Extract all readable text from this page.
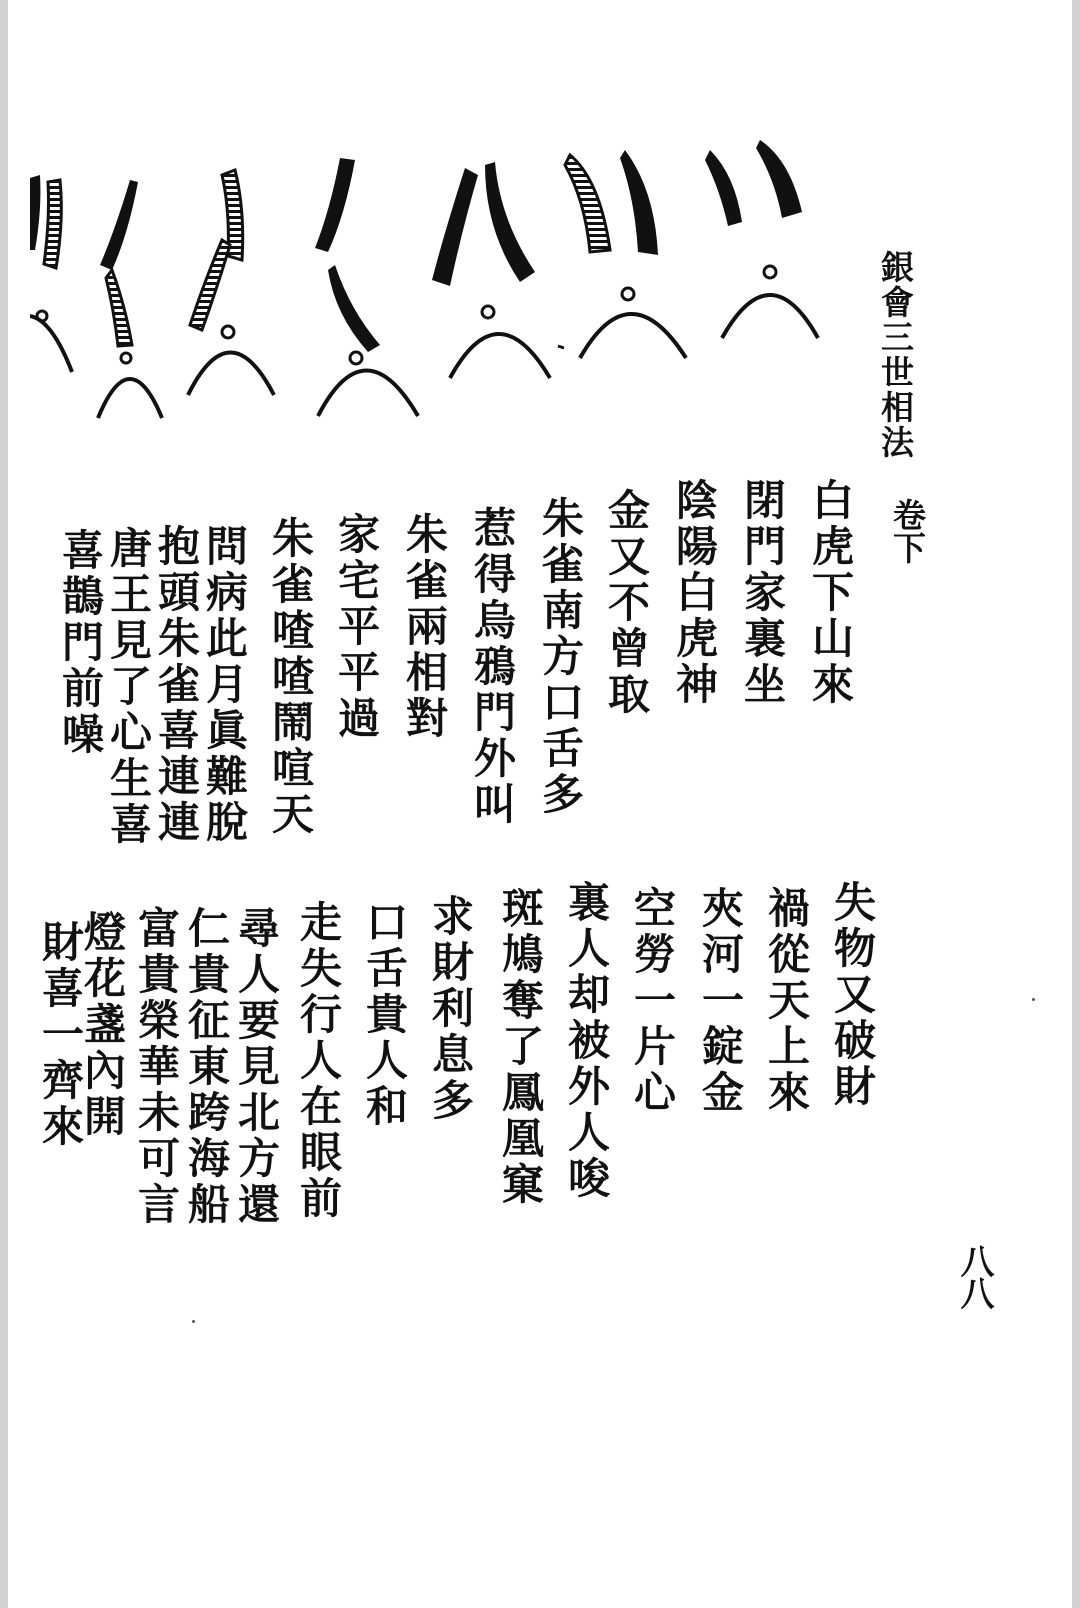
銀會三世相法
卷下
白虎下山來
閉門家裏坐
陰陽白虎神
金又不曾取
朱雀南方口舌多
惹得烏鴉門外叫
朱雀兩相對
家宅平平過
朱雀喳喳鬧喧天
問病此月眞難脫
抱頭朱雀喜連連
唐王見了心生喜
喜鵲門前噪
失物又破財
禍從天上來
夾河一錠金
空勞一片心
裏人却被外人唆
斑鳩奪了鳳凰窠
求財利息多
口舌貴人和
走失行人在眼前
尋人要見北方還
仁貴征東跨海船
富貴榮華未可言
燈花盞內開
財喜一齊來
八八
